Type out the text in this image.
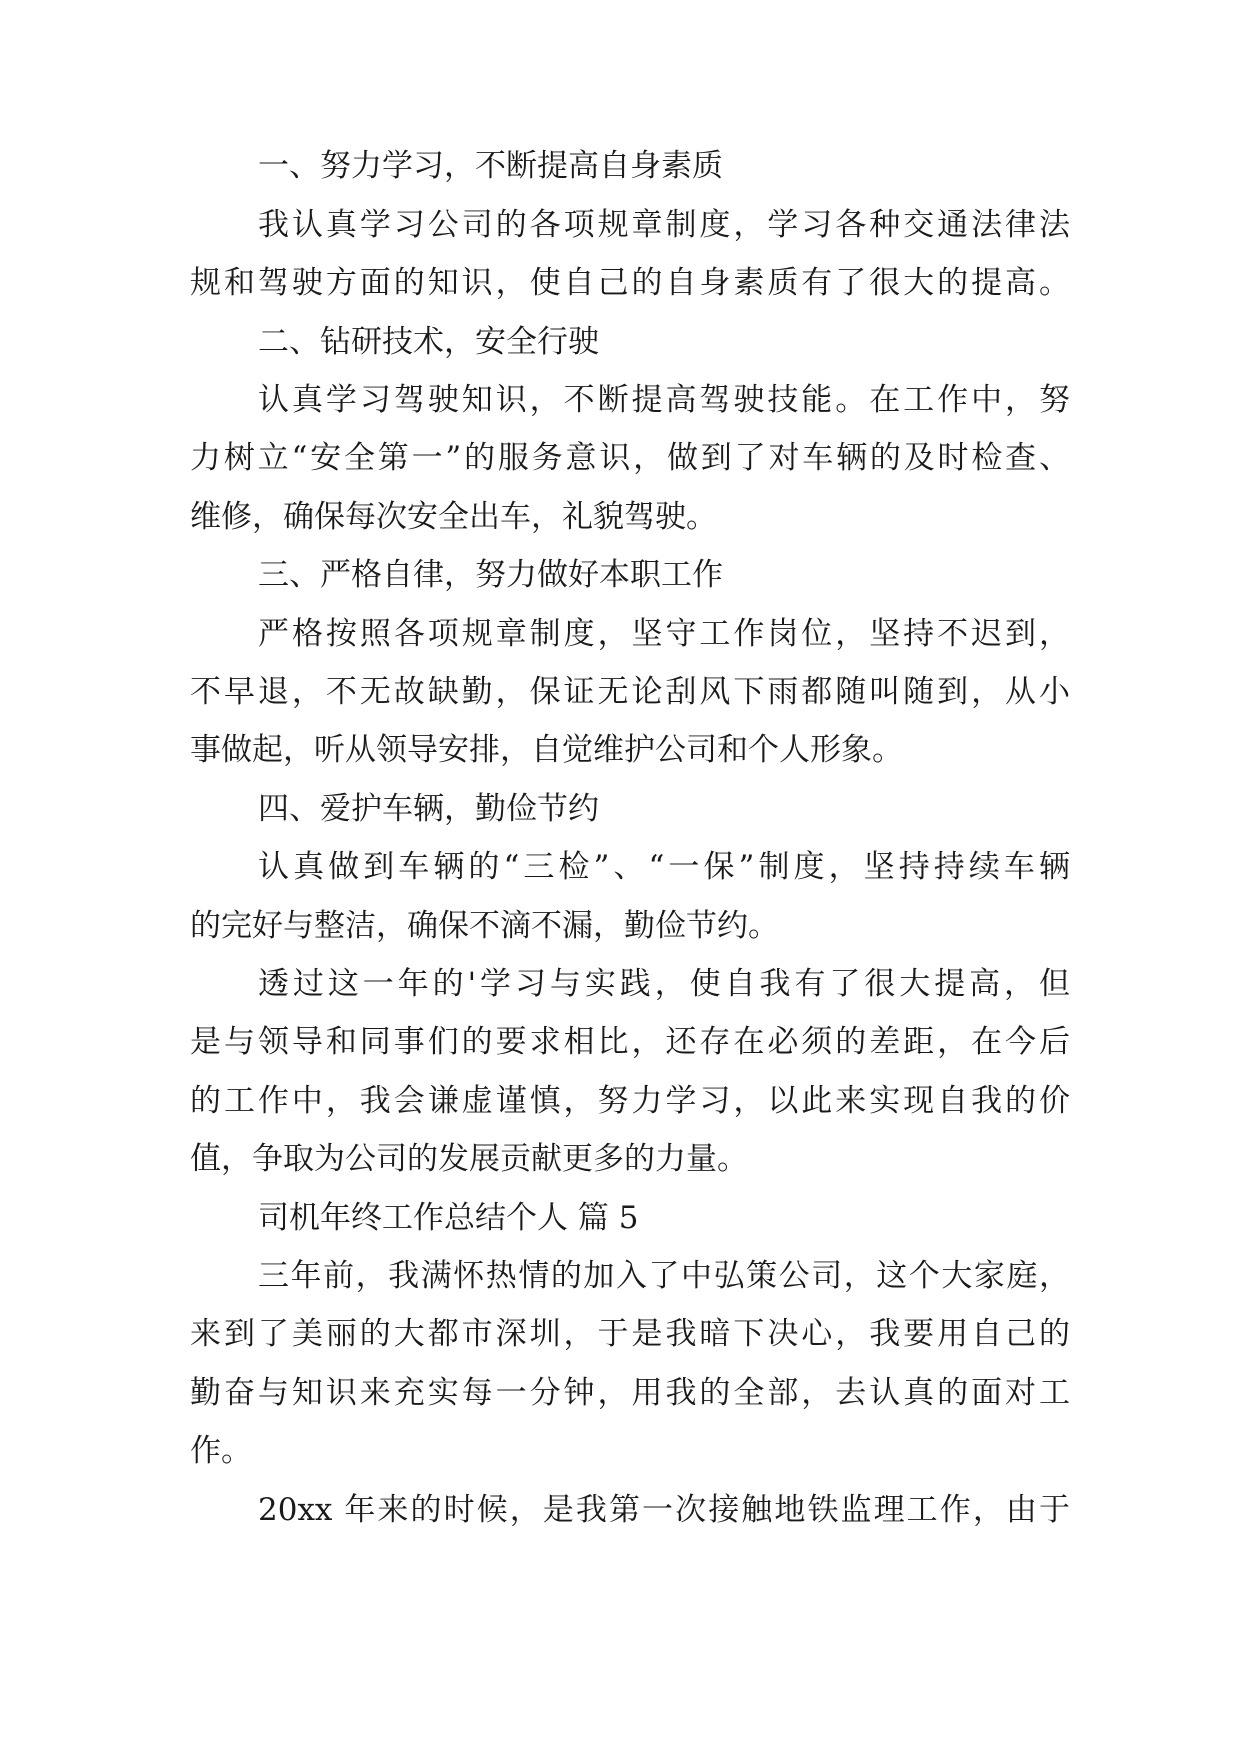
一、努力学习，不断提高自身素质

我认真学习公司的各项规章制度，学习各种交通法律法

规和驾驶方面的知识，使自己的自身素质有了很大的提高。

二、钻研技术，安全行驶

认真学习驾驶知识，不断提高驾驶技能。在工作中，努

力树立“安全第一”的服务意识，做到了对车辆的及时检查、

维修，确保每次安全出车，礼貌驾驶。

三、严格自律，努力做好本职工作

严格按照各项规章制度，坚守工作岗位，坚持不迟到，

不早退，不无故缺勤，保证无论刮风下雨都随叫随到，从小

事做起，听从领导安排，自觉维护公司和个人形象。

四、爱护车辆，勤俭节约

认真做到车辆的“三检”、“一保”制度，坚持持续车辆

的完好与整洁，确保不滴不漏，勤俭节约。

透过这一年的'学习与实践，使自我有了很大提高，但

是与领导和同事们的要求相比，还存在必须的差距，在今后

的工作中，我会谦虚谨慎，努力学习，以此来实现自我的价

值，争取为公司的发展贡献更多的力量。

司机年终工作总结个人 篇 5

三年前，我满怀热情的加入了中弘策公司，这个大家庭，

来到了美丽的大都市深圳，于是我暗下决心，我要用自己的

勤奋与知识来充实每一分钟，用我的全部，去认真的面对工

作。

20xx 年来的时候，是我第一次接触地铁监理工作，由于
